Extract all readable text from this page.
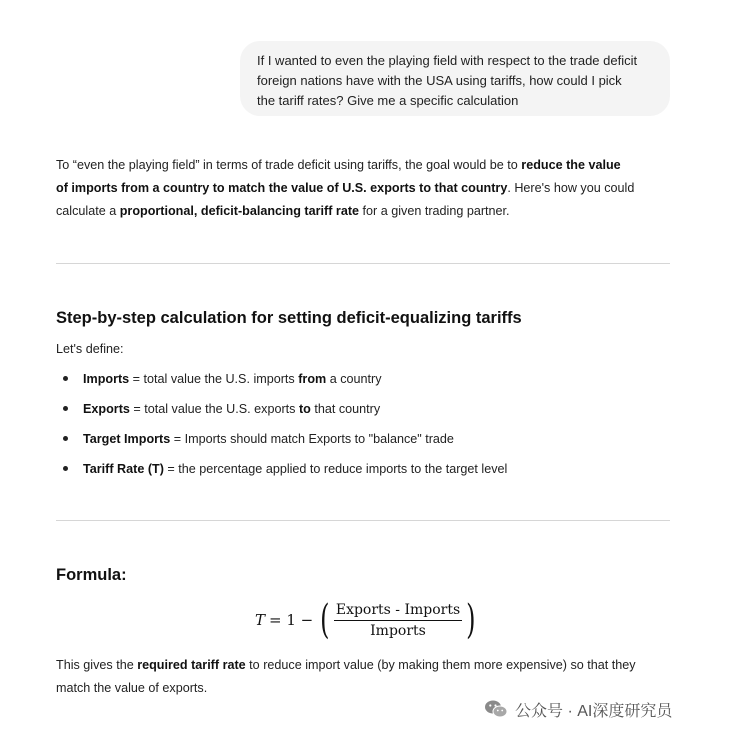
If I wanted to even the playing field with respect to the trade deficit
foreign nations have with the USA using tariffs, how could I pick
the tariff rates? Give me a specific calculation
To “even the playing field” in terms of trade deficit using tariffs, the goal would be to reduce the value
of imports from a country to match the value of U.S. exports to that country. Here's how you could
calculate a proportional, deficit-balancing tariff rate for a given trading partner.
Step-by-step calculation for setting deficit-equalizing tariffs
Let's define:
Imports = total value the U.S. imports from a country
Exports = total value the U.S. exports to that country
Target Imports = Imports should match Exports to "balance" trade
Tariff Rate (T) = the percentage applied to reduce imports to the target level
Formula:
T = 1 − ( $\frac{\text{Exports - Imports}}{\text{Imports}}$ )
This gives the required tariff rate to reduce import value (by making them more expensive) so that they
match the value of exports.
公众号 · AI深度研究员
